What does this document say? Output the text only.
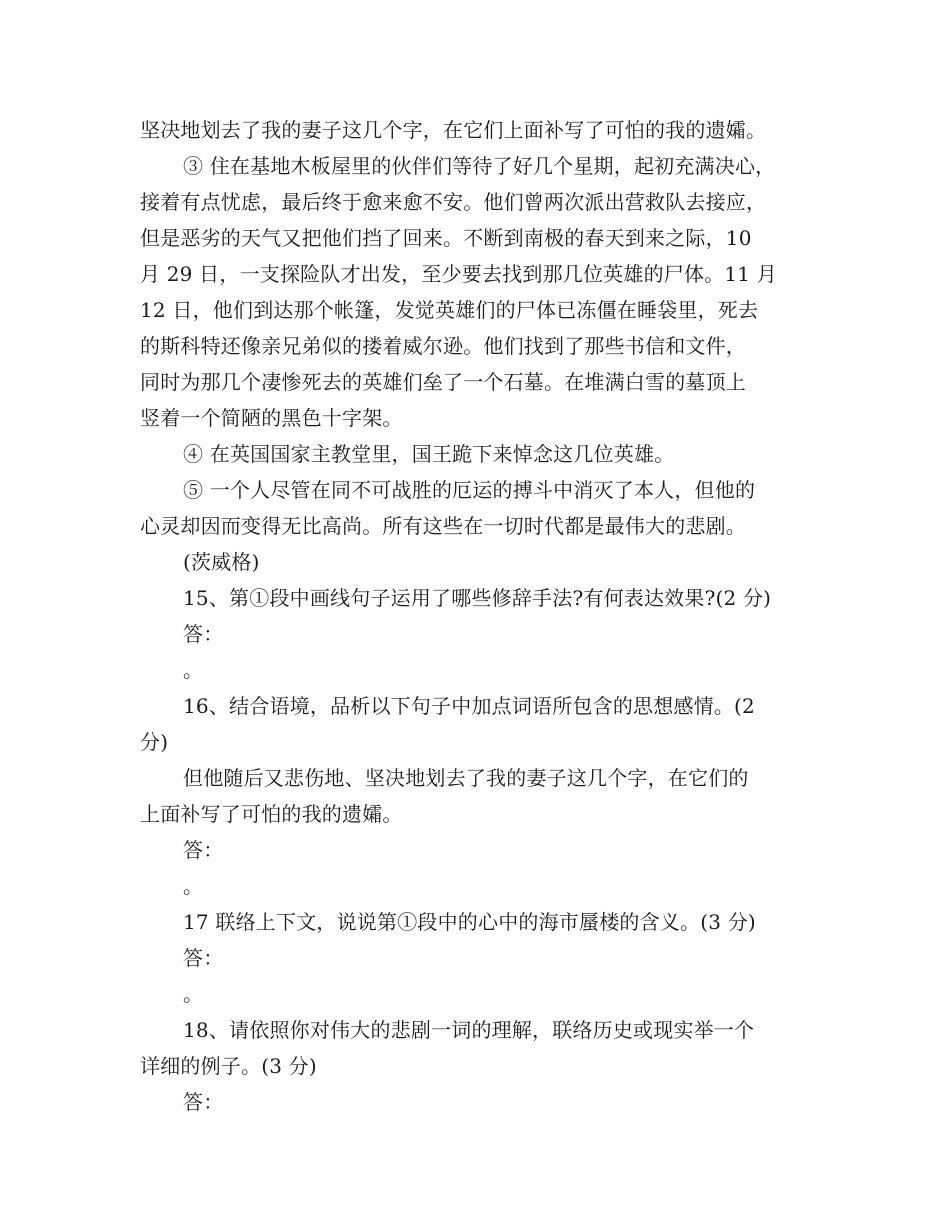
坚决地划去了我的妻子这几个字，在它们上面补写了可怕的我的遗孀。
③ 住在基地木板屋里的伙伴们等待了好几个星期，起初充满决心，
接着有点忧虑，最后终于愈来愈不安。他们曾两次派出营救队去接应，
但是恶劣的天气又把他们挡了回来。不断到南极的春天到来之际，10
月 29 日，一支探险队才出发，至少要去找到那几位英雄的尸体。11 月
12 日，他们到达那个帐篷，发觉英雄们的尸体已冻僵在睡袋里，死去
的斯科特还像亲兄弟似的搂着威尔逊。他们找到了那些书信和文件，
同时为那几个凄惨死去的英雄们垒了一个石墓。在堆满白雪的墓顶上
竖着一个简陋的黑色十字架。
④ 在英国国家主教堂里，国王跪下来悼念这几位英雄。
⑤ 一个人尽管在同不可战胜的厄运的搏斗中消灭了本人，但他的
心灵却因而变得无比高尚。所有这些在一切时代都是最伟大的悲剧。
(茨威格)
15、第①段中画线句子运用了哪些修辞手法?有何表达效果?(2 分)
答：
。
16、结合语境，品析以下句子中加点词语所包含的思想感情。(2
分)
但他随后又悲伤地、坚决地划去了我的妻子这几个字，在它们的
上面补写了可怕的我的遗孀。
答：
。
17 联络上下文，说说第①段中的心中的海市蜃楼的含义。(3 分)
答：
。
18、请依照你对伟大的悲剧一词的理解，联络历史或现实举一个
详细的例子。(3 分)
答：
